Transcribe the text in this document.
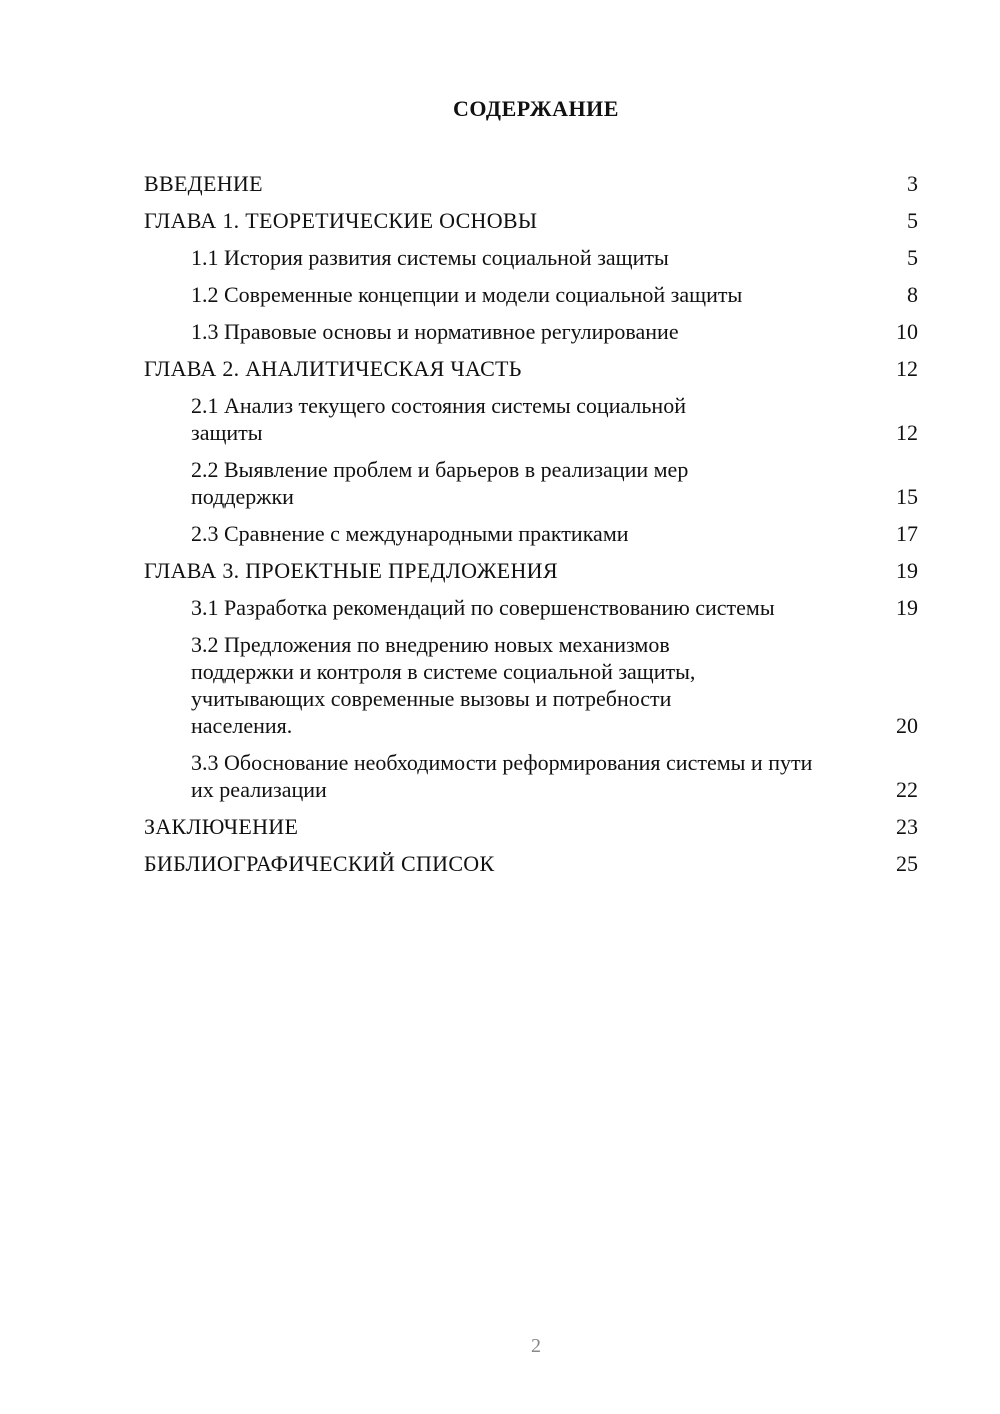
СОДЕРЖАНИЕ
ВВЕДЕНИЕ	3
ГЛАВА 1. ТЕОРЕТИЧЕСКИЕ ОСНОВЫ	5
1.1 История развития системы социальной защиты	5
1.2 Современные концепции и модели социальной защиты	8
1.3 Правовые основы и нормативное регулирование	10
ГЛАВА 2. АНАЛИТИЧЕСКАЯ ЧАСТЬ	12
2.1 Анализ текущего состояния системы социальной защиты	12
2.2 Выявление проблем и барьеров в реализации мер поддержки	15
2.3 Сравнение с международными практиками	17
ГЛАВА 3. ПРОЕКТНЫЕ ПРЕДЛОЖЕНИЯ	19
3.1 Разработка рекомендаций по совершенствованию системы	19
3.2 Предложения по внедрению новых механизмов поддержки и контроля в системе социальной защиты, учитывающих современные вызовы и потребности населения.	20
3.3 Обоснование необходимости реформирования системы и пути их реализации	22
ЗАКЛЮЧЕНИЕ	23
БИБЛИОГРАФИЧЕСКИЙ СПИСОК	25
2
